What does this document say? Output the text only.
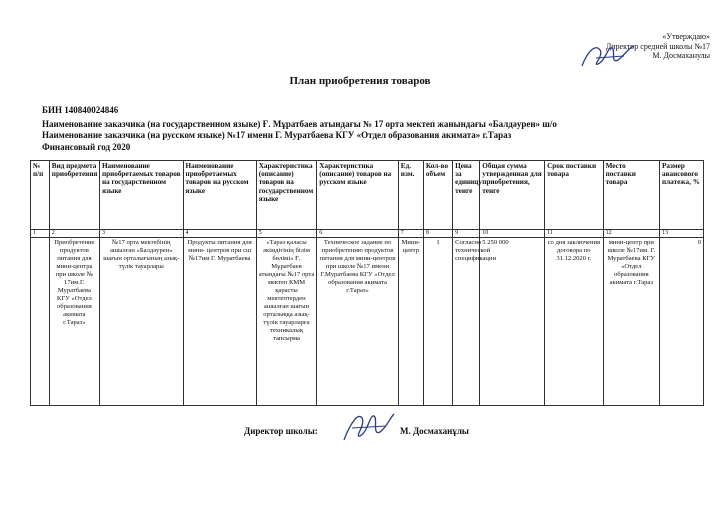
«Утверждаю»
Директор средней школы №17
М. Досмаханулы
План приобретения товаров
БИН 140840024846
Наименование заказчика (на государственном языке) Ғ. Мұратбаев атындағы № 17 орта мектеп жанындағы «Балдәурен» ш/о
Наименование заказчика (на русском языке) №17 имени Г. Муратбаева КГУ «Отдел образования акимата» г.Тараз
Финансовый год 2020
№ п/п	Вид предмета приобретения	Наименование приобретаемых товаров на государственном языке	Наименование приобретаемых товаров на русском языке	Характеристика (описание) товаров на государственном языке	Характеристика (описание) товаров на русском языке	Ед. изм.	Кол-во объем	Цена за единицу тенге	Общая сумма утвержденная для приобретения, тенге	Срок поставки товара	Место поставки товара	Размер авансового платежа, %
1	2	3	4	5	6	7	8	9	10	11	12	13
	Приобретение продуктов питания для мини-центра при школе № 17им.Г. Муратбаева КГУ «Отдел образования акимата г.Тараз»	№17 орта мектебінің ашылған «Балдәурен» шағын орталығының азық-түлік тауарлары	Продукты питания для мини- центров при сш №17им Г. Муратбаева	«Тараз қаласы әкімдігінің білім бөлімі» Ғ. Мұратбаев атындағы №17 орта мектеп КММ қарасты мектептерден ашылған шағын орталыққа азық-түлік тауарларға техникалық тапсырма	Техническое задание по приобретению продуктов питания для мини-центров при школе №17 имени Г.Муратбаева КГУ «Отдел образования акимата г.Тараз»	Мини-центр	1	Согласно технической спецификации	5 250 000	со дня заключения договора по 31.12.2020 г.	мини-центр при школе №17им. Г. Муратбаева КГУ «Отдел образования акимата г.Тараз	0
Директор школы:	М. Досмаханұлы
